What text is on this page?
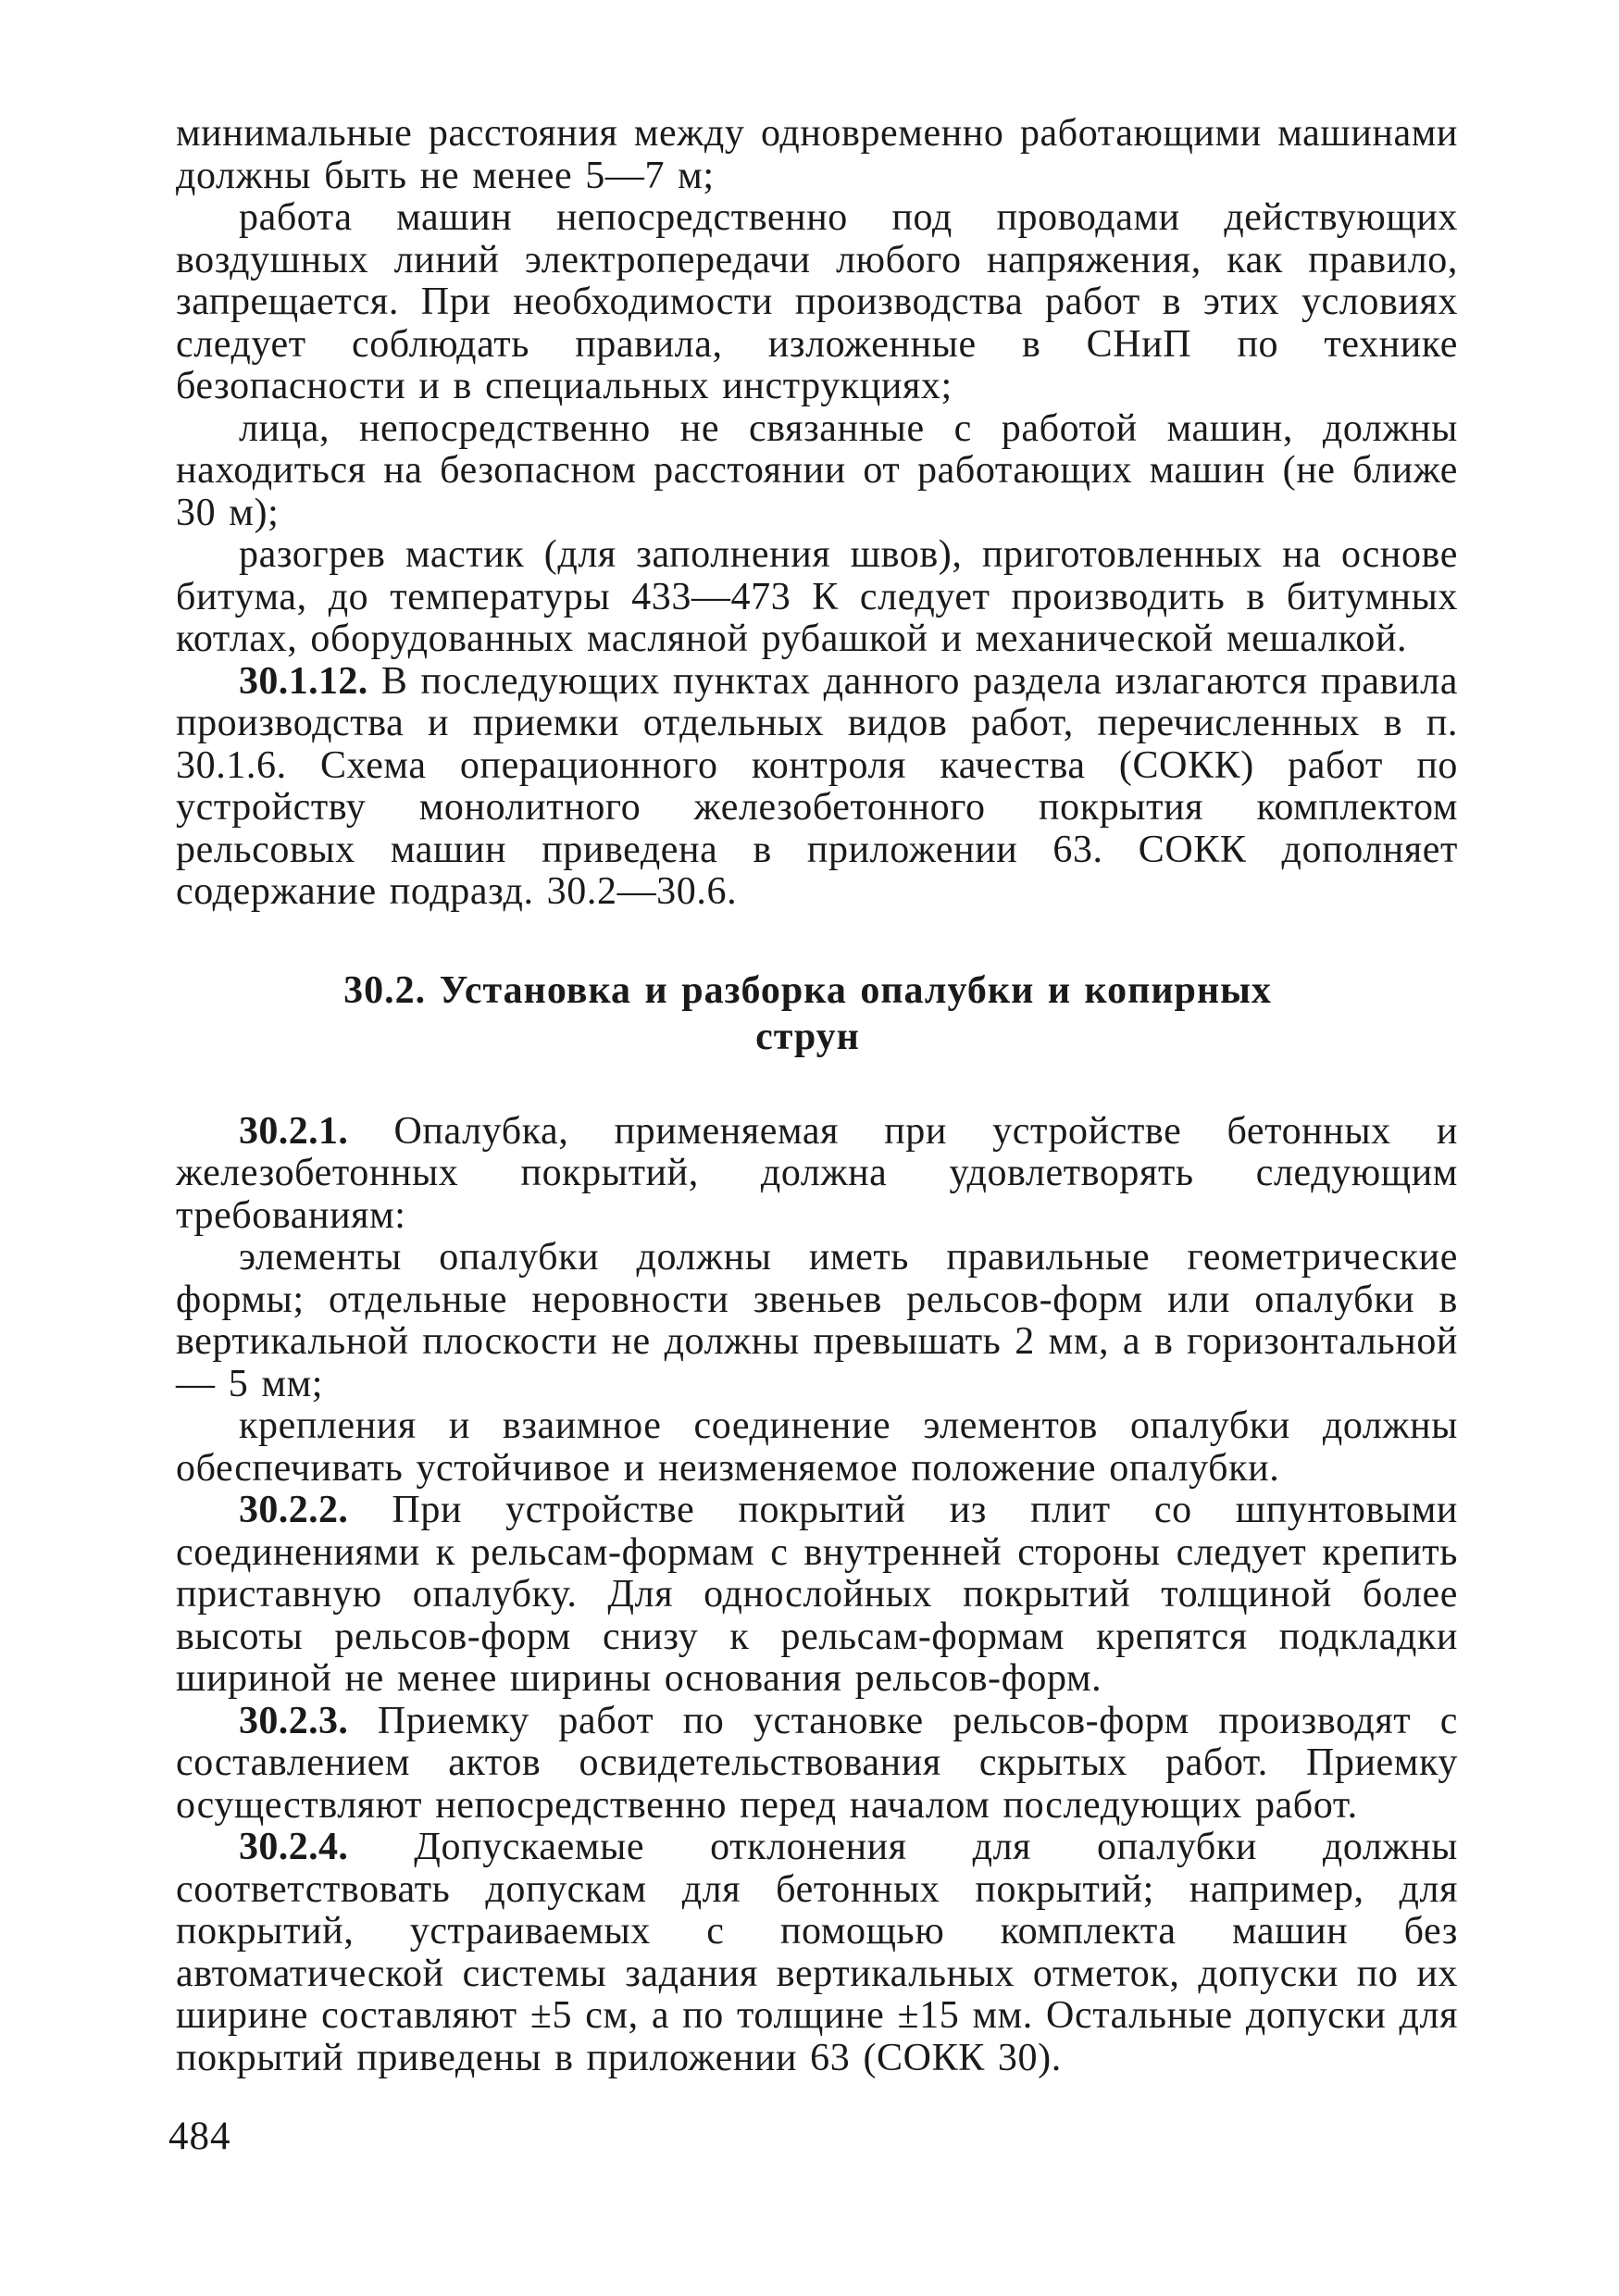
минимальные расстояния между одновременно работающими машинами должны быть не менее 5—7 м;

работа машин непосредственно под проводами действующих воздушных линий электропередачи любого напряжения, как правило, запрещается. При необходимости производства работ в этих условиях следует соблюдать правила, изложенные в СНиП по технике безопасности и в специальных инструкциях;

лица, непосредственно не связанные с работой машин, должны находиться на безопасном расстоянии от работающих машин (не ближе 30 м);

разогрев мастик (для заполнения швов), приготовленных на основе битума, до температуры 433—473 К следует производить в битумных котлах, оборудованных масляной рубашкой и механической мешалкой.

30.1.12. В последующих пунктах данного раздела излагаются правила производства и приемки отдельных видов работ, перечисленных в п. 30.1.6. Схема операционного контроля качества (СОКК) работ по устройству монолитного железобетонного покрытия комплектом рельсовых машин приведена в приложении 63. СОКК дополняет содержание подразд. 30.2—30.6.

30.2. Установка и разборка опалубки и копирных
струн

30.2.1. Опалубка, применяемая при устройстве бетонных и железобетонных покрытий, должна удовлетворять следующим требованиям:

элементы опалубки должны иметь правильные геометрические формы; отдельные неровности звеньев рельсов-форм или опалубки в вертикальной плоскости не должны превышать 2 мм, а в горизонтальной — 5 мм;

крепления и взаимное соединение элементов опалубки должны обеспечивать устойчивое и неизменяемое положение опалубки.

30.2.2. При устройстве покрытий из плит со шпунтовыми соединениями к рельсам-формам с внутренней стороны следует крепить приставную опалубку. Для однослойных покрытий толщиной более высоты рельсов-форм снизу к рельсам-формам крепятся подкладки шириной не менее ширины основания рельсов-форм.

30.2.3. Приемку работ по установке рельсов-форм производят с составлением актов освидетельствования скрытых работ. Приемку осуществляют непосредственно перед началом последующих работ.

30.2.4. Допускаемые отклонения для опалубки должны соответствовать допускам для бетонных покрытий; например, для покрытий, устраиваемых с помощью комплекта машин без автоматической системы задания вертикальных отметок, допуски по их ширине составляют ±5 см, а по толщине ±15 мм. Остальные допуски для покрытий приведены в приложении 63 (СОКК 30).

484
